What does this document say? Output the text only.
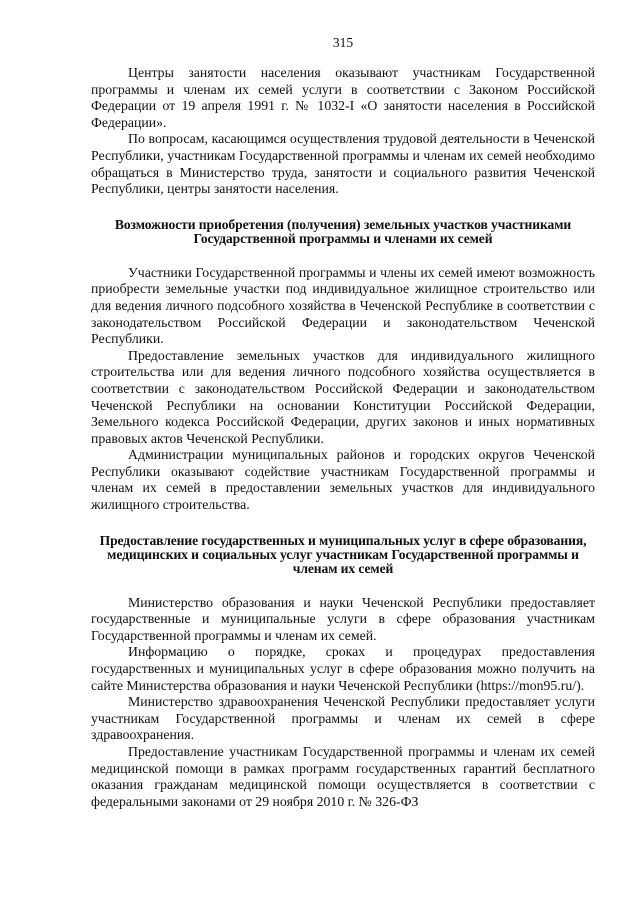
315

Центры занятости населения оказывают участникам Государственной программы и членам их семей услуги в соответствии с Законом Российской Федерации от 19 апреля 1991 г. № 1032-I «О занятости населения в Российской Федерации».

По вопросам, касающимся осуществления трудовой деятельности в Чеченской Республики, участникам Государственной программы и членам их семей необходимо обращаться в Министерство труда, занятости и социального развития Чеченской Республики, центры занятости населения.

Возможности приобретения (получения) земельных участков участниками Государственной программы и членами их семей

Участники Государственной программы и члены их семей имеют возможность приобрести земельные участки под индивидуальное жилищное строительство или для ведения личного подсобного хозяйства в Чеченской Республике в соответствии с законодательством Российской Федерации и законодательством Чеченской Республики.

Предоставление земельных участков для индивидуального жилищного строительства или для ведения личного подсобного хозяйства осуществляется в соответствии с законодательством Российской Федерации и законодательством Чеченской Республики на основании Конституции Российской Федерации, Земельного кодекса Российской Федерации, других законов и иных нормативных правовых актов Чеченской Республики.

Администрации муниципальных районов и городских округов Чеченской Республики оказывают содействие участникам Государственной программы и членам их семей в предоставлении земельных участков для индивидуального жилищного строительства.

Предоставление государственных и муниципальных услуг в сфере образования, медицинских и социальных услуг участникам Государственной программы и членам их семей

Министерство образования и науки Чеченской Республики предоставляет государственные и муниципальные услуги в сфере образования участникам Государственной программы и членам их семей.

Информацию о порядке, сроках и процедурах предоставления государственных и муниципальных услуг в сфере образования можно получить на сайте Министерства образования и науки Чеченской Республики (https://mon95.ru/).

Министерство здравоохранения Чеченской Республики предоставляет услуги участникам Государственной программы и членам их семей в сфере здравоохранения.

Предоставление участникам Государственной программы и членам их семей медицинской помощи в рамках программ государственных гарантий бесплатного оказания гражданам медицинской помощи осуществляется в соответствии с федеральными законами от 29 ноября 2010 г. № 326-ФЗ
